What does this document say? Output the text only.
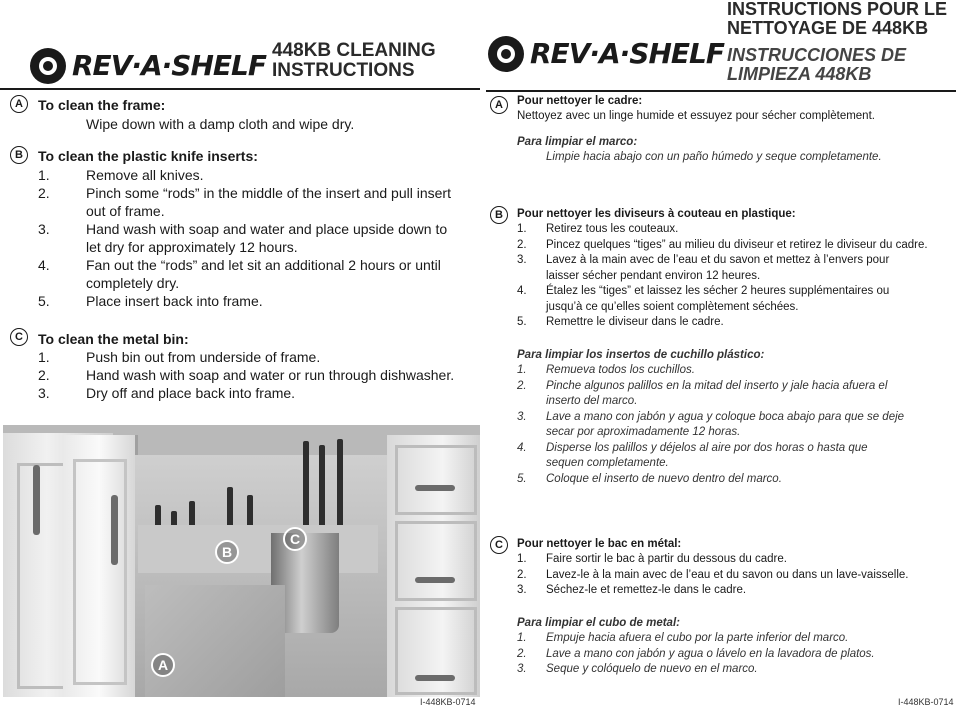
REV·A·SHELF 448KB CLEANING
INSTRUCTIONS
A	To clean the frame:
Wipe down with a damp cloth and wipe dry.
B	To clean the plastic knife inserts:
1.	Remove all knives.
2.	Pinch some “rods” in the middle of the insert and pull insert
out of frame.
3.	Hand wash with soap and water and place upside down to
let dry for approximately 12 hours.
4.	Fan out the “rods” and let sit an additional 2 hours or until
completely dry.
5.	Place insert back into frame.
C	To clean the metal bin:
1.	Push bin out from underside of frame.
2.	Hand wash with soap and water or run through dishwasher.
3.	Dry off and place back into frame.
B
C
A
I-448KB-0714
REV·A·SHELF
INSTRUCTIONS POUR LE
NETTOYAGE DE 448KB
INSTRUCCIONES DE
LIMPIEZA 448KB
A	Pour nettoyer le cadre:
Nettoyez avec un linge humide et essuyez pour sécher complètement.
Para limpiar el marco:
Limpie hacia abajo con un paño húmedo y seque completamente.
B	Pour nettoyer les diviseurs à couteau en plastique:
1. Retirez tous les couteaux.
2. Pincez quelques “tiges” au milieu du diviseur et retirez le diviseur du cadre.
3. Lavez à la main avec de l’eau et du savon et mettez à l’envers pour
laisser sécher pendant environ 12 heures.
4. Étalez les “tiges” et laissez les sécher 2 heures supplémentaires ou
jusqu’à ce qu’elles soient complètement séchées.
5. Remettre le diviseur dans le cadre.
Para limpiar los insertos de cuchillo plástico:
1. Remueva todos los cuchillos.
2. Pinche algunos palillos en la mitad del inserto y jale hacia afuera el
inserto del marco.
3. Lave a mano con jabón y agua y coloque boca abajo para que se deje
secar por aproximadamente 12 horas.
4. Disperse los palillos y déjelos al aire por dos horas o hasta que
sequen completamente.
5. Coloque el inserto de nuevo dentro del marco.
C	Pour nettoyer le bac en métal:
1. Faire sortir le bac à partir du dessous du cadre.
2. Lavez-le à la main avec de l’eau et du savon ou dans un lave-vaisselle.
3. Séchez-le et remettez-le dans le cadre.
Para limpiar el cubo de metal:
1. Empuje hacia afuera el cubo por la parte inferior del marco.
2. Lave a mano con jabón y agua o lávelo en la lavadora de platos.
3. Seque y colóquelo de nuevo en el marco.
I-448KB-0714
